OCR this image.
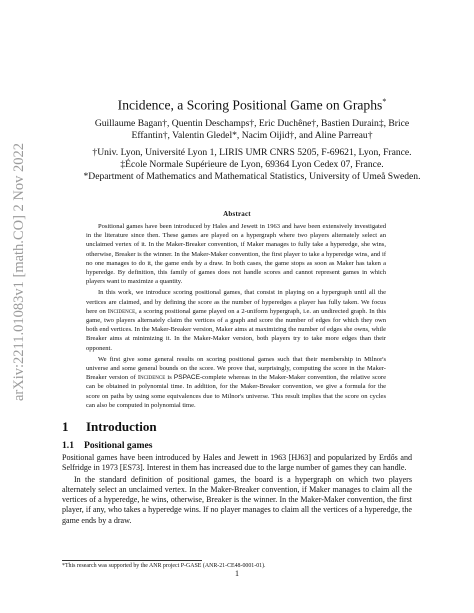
arXiv:2211.01083v1 [math.CO] 2 Nov 2022
Incidence, a Scoring Positional Game on Graphs*
Guillaume Bagan†, Quentin Deschamps†, Eric Duchêne†, Bastien Durain‡, Brice
Effantin†, Valentin Gledel*, Nacim Oijid†, and Aline Parreau†
†Univ. Lyon, Université Lyon 1, LIRIS UMR CNRS 5205, F-69621, Lyon, France.
‡École Normale Supérieure de Lyon, 69364 Lyon Cedex 07, France.
*Department of Mathematics and Mathematical Statistics, University of Umeå Sweden.
Abstract

Positional games have been introduced by Hales and Jewett in 1963 and have been extensively investigated in the literature since then. These games are played on a hypergraph where two players alternately select an unclaimed vertex of it. In the Maker-Breaker convention, if Maker manages to fully take a hyperedge, she wins, otherwise, Breaker is the winner. In the Maker-Maker convention, the first player to take a hyperedge wins, and if no one manages to do it, the game ends by a draw. In both cases, the game stops as soon as Maker has taken a hyperedge. By definition, this family of games does not handle scores and cannot represent games in which players want to maximize a quantity.

In this work, we introduce scoring positional games, that consist in playing on a hypergraph until all the vertices are claimed, and by defining the score as the number of hyperedges a player has fully taken. We focus here on Incidence, a scoring positional game played on a 2-uniform hypergraph, i.e. an undirected graph. In this game, two players alternately claim the vertices of a graph and score the number of edges for which they own both end vertices. In the Maker-Breaker version, Maker aims at maximizing the number of edges she owns, while Breaker aims at minimizing it. In the Maker-Maker version, both players try to take more edges than their opponent.

We first give some general results on scoring positional games such that their membership in Milnor's universe and some general bounds on the score. We prove that, surprisingly, computing the score in the Maker-Breaker version of Incidence is PSPACE-complete whereas in the Maker-Maker convention, the relative score can be obtained in polynomial time. In addition, for the Maker-Breaker convention, we give a formula for the score on paths by using some equivalences due to Milnor's universe. This result implies that the score on cycles can also be computed in polynomial time.

1 Introduction
1.1 Positional games

Positional games have been introduced by Hales and Jewett in 1963 [HJ63] and popularized by Erdős and Selfridge in 1973 [ES73]. Interest in them has increased due to the large number of games they can handle.

In the standard definition of positional games, the board is a hypergraph on which two players alternately select an unclaimed vertex. In the Maker-Breaker convention, if Maker manages to claim all the vertices of a hyperedge, he wins, otherwise, Breaker is the winner. In the Maker-Maker convention, the first player, if any, who takes a hyperedge wins. If no player manages to claim all the vertices of a hyperedge, the game ends by a draw.

*This research was supported by the ANR project P-GASE (ANR-21-CE48-0001-01).
1
